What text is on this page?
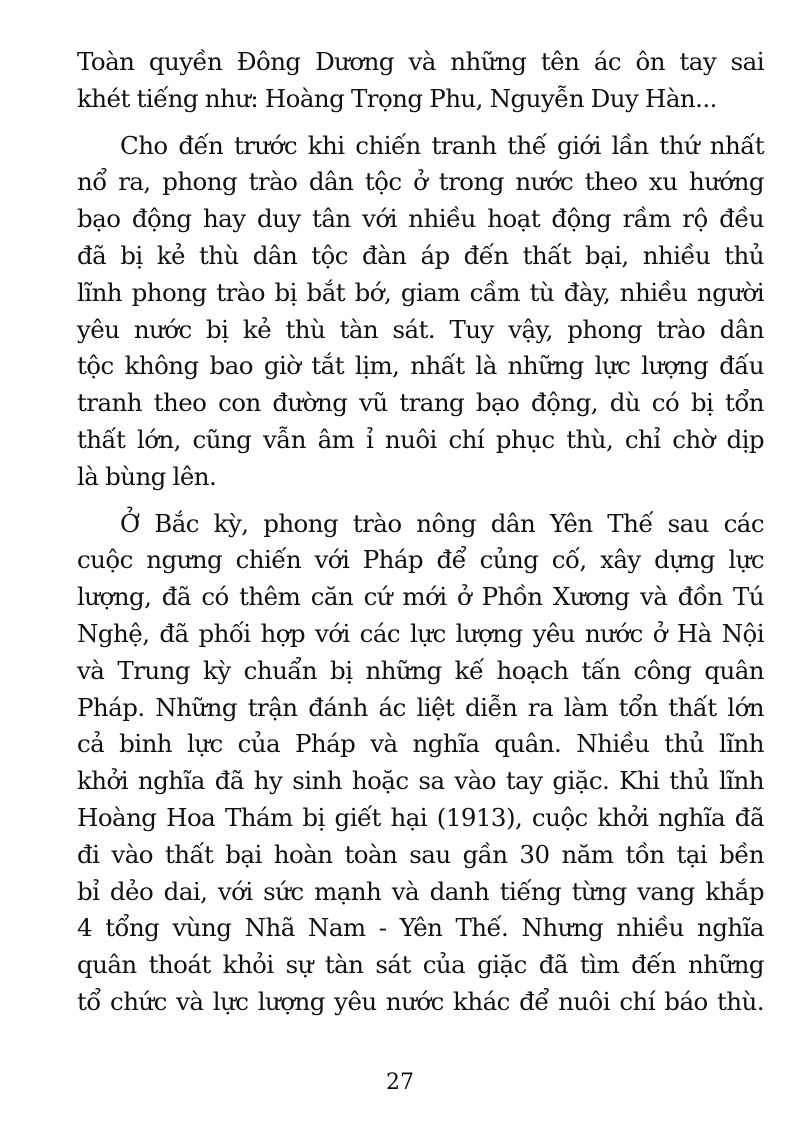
Toàn quyền Đông Dương và những tên ác ôn tay sai
khét tiếng như: Hoàng Trọng Phu, Nguyễn Duy Hàn...
Cho đến trước khi chiến tranh thế giới lần thứ nhất
nổ ra, phong trào dân tộc ở trong nước theo xu hướng
bạo động hay duy tân với nhiều hoạt động rầm rộ đều
đã bị kẻ thù dân tộc đàn áp đến thất bại, nhiều thủ
lĩnh phong trào bị bắt bớ, giam cầm tù đày, nhiều người
yêu nước bị kẻ thù tàn sát. Tuy vậy, phong trào dân
tộc không bao giờ tắt lịm, nhất là những lực lượng đấu
tranh theo con đường vũ trang bạo động, dù có bị tổn
thất lớn, cũng vẫn âm ỉ nuôi chí phục thù, chỉ chờ dịp
là bùng lên.
Ở Bắc kỳ, phong trào nông dân Yên Thế sau các
cuộc ngưng chiến với Pháp để củng cố, xây dựng lực
lượng, đã có thêm căn cứ mới ở Phồn Xương và đồn Tú
Nghệ, đã phối hợp với các lực lượng yêu nước ở Hà Nội
và Trung kỳ chuẩn bị những kế hoạch tấn công quân
Pháp. Những trận đánh ác liệt diễn ra làm tổn thất lớn
cả binh lực của Pháp và nghĩa quân. Nhiều thủ lĩnh
khởi nghĩa đã hy sinh hoặc sa vào tay giặc. Khi thủ lĩnh
Hoàng Hoa Thám bị giết hại (1913), cuộc khởi nghĩa đã
đi vào thất bại hoàn toàn sau gần 30 năm tồn tại bền
bỉ dẻo dai, với sức mạnh và danh tiếng từng vang khắp
4 tổng vùng Nhã Nam - Yên Thế. Nhưng nhiều nghĩa
quân thoát khỏi sự tàn sát của giặc đã tìm đến những
tổ chức và lực lượng yêu nước khác để nuôi chí báo thù.
27
